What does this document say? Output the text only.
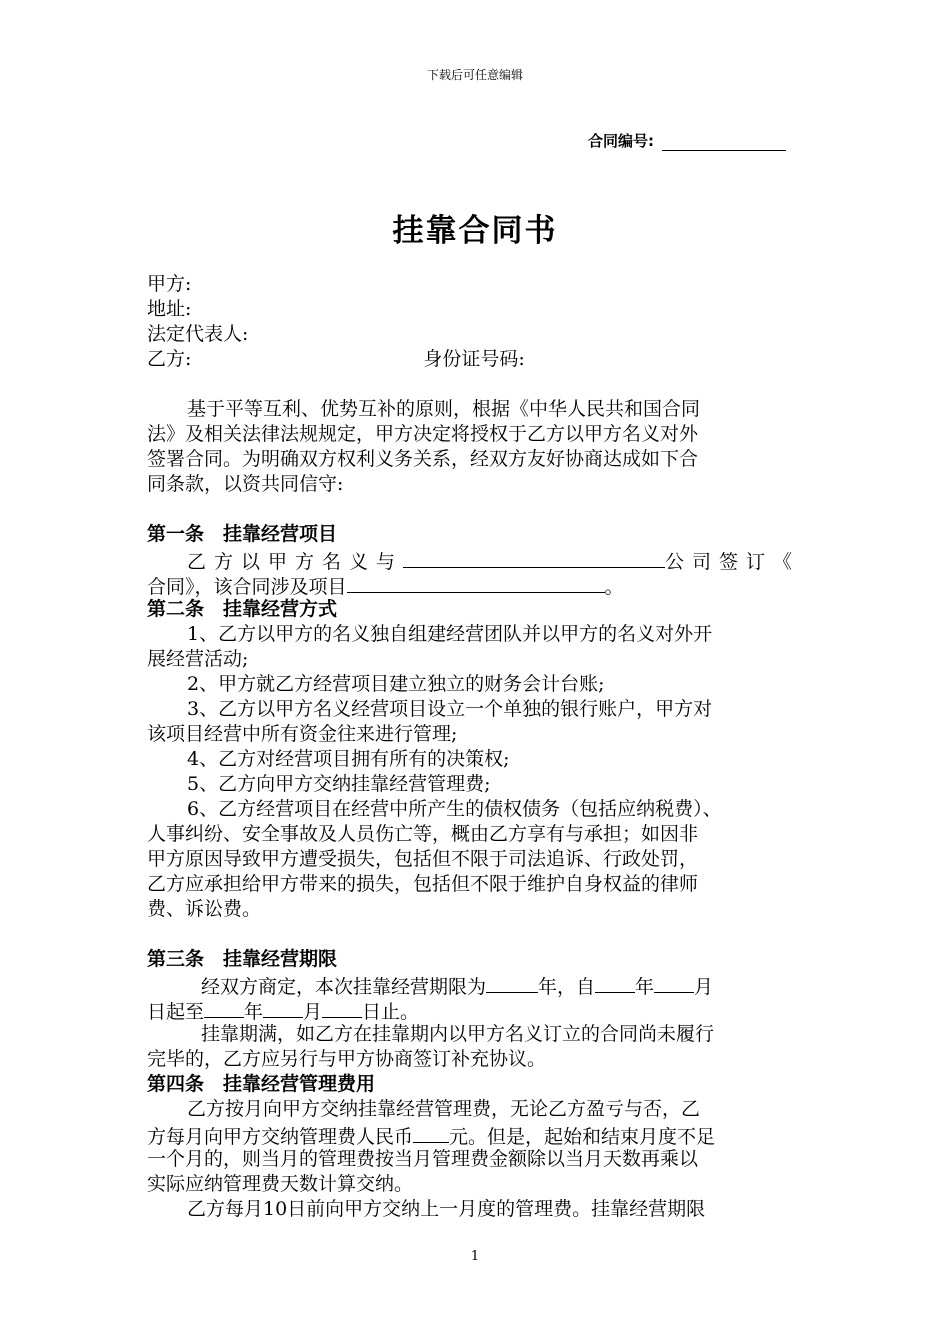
下载后可任意编辑
合同编号:
挂靠合同书
甲方:
地址:
法定代表人:
乙方:	身份证号码:
基于平等互利、优势互补的原则，根据《中华人民共和国合同
法》及相关法律法规规定，甲方决定将授权于乙方以甲方名义对外
签署合同。为明确双方权利义务关系，经双方友好协商达成如下合
同条款，以资共同信守:
第一条　挂靠经营项目
乙方以甲方名义与	公司签订《
合同》，该合同涉及项目	。
第二条　挂靠经营方式
1、乙方以甲方的名义独自组建经营团队并以甲方的名义对外开
展经营活动;
2、甲方就乙方经营项目建立独立的财务会计台账;
3、乙方以甲方名义经营项目设立一个单独的银行账户，甲方对
该项目经营中所有资金往来进行管理;
4、乙方对经营项目拥有所有的决策权;
5、乙方向甲方交纳挂靠经营管理费;
6、乙方经营项目在经营中所产生的债权债务（包括应纳税费）、
人事纠纷、安全事故及人员伤亡等，概由乙方享有与承担；如因非
甲方原因导致甲方遭受损失，包括但不限于司法追诉、行政处罚，
乙方应承担给甲方带来的损失，包括但不限于维护自身权益的律师
费、诉讼费。
第三条　挂靠经营期限
经双方商定，本次挂靠经营期限为	年，自 年 月
日起至 年 月 日止。
挂靠期满，如乙方在挂靠期内以甲方名义订立的合同尚未履行
完毕的，乙方应另行与甲方协商签订补充协议。
第四条　挂靠经营管理费用
乙方按月向甲方交纳挂靠经营管理费，无论乙方盈亏与否，乙
方每月向甲方交纳管理费人民币 元。但是，起始和结束月度不足
一个月的，则当月的管理费按当月管理费金额除以当月天数再乘以
实际应纳管理费天数计算交纳。
乙方每月10日前向甲方交纳上一月度的管理费。挂靠经营期限
1
